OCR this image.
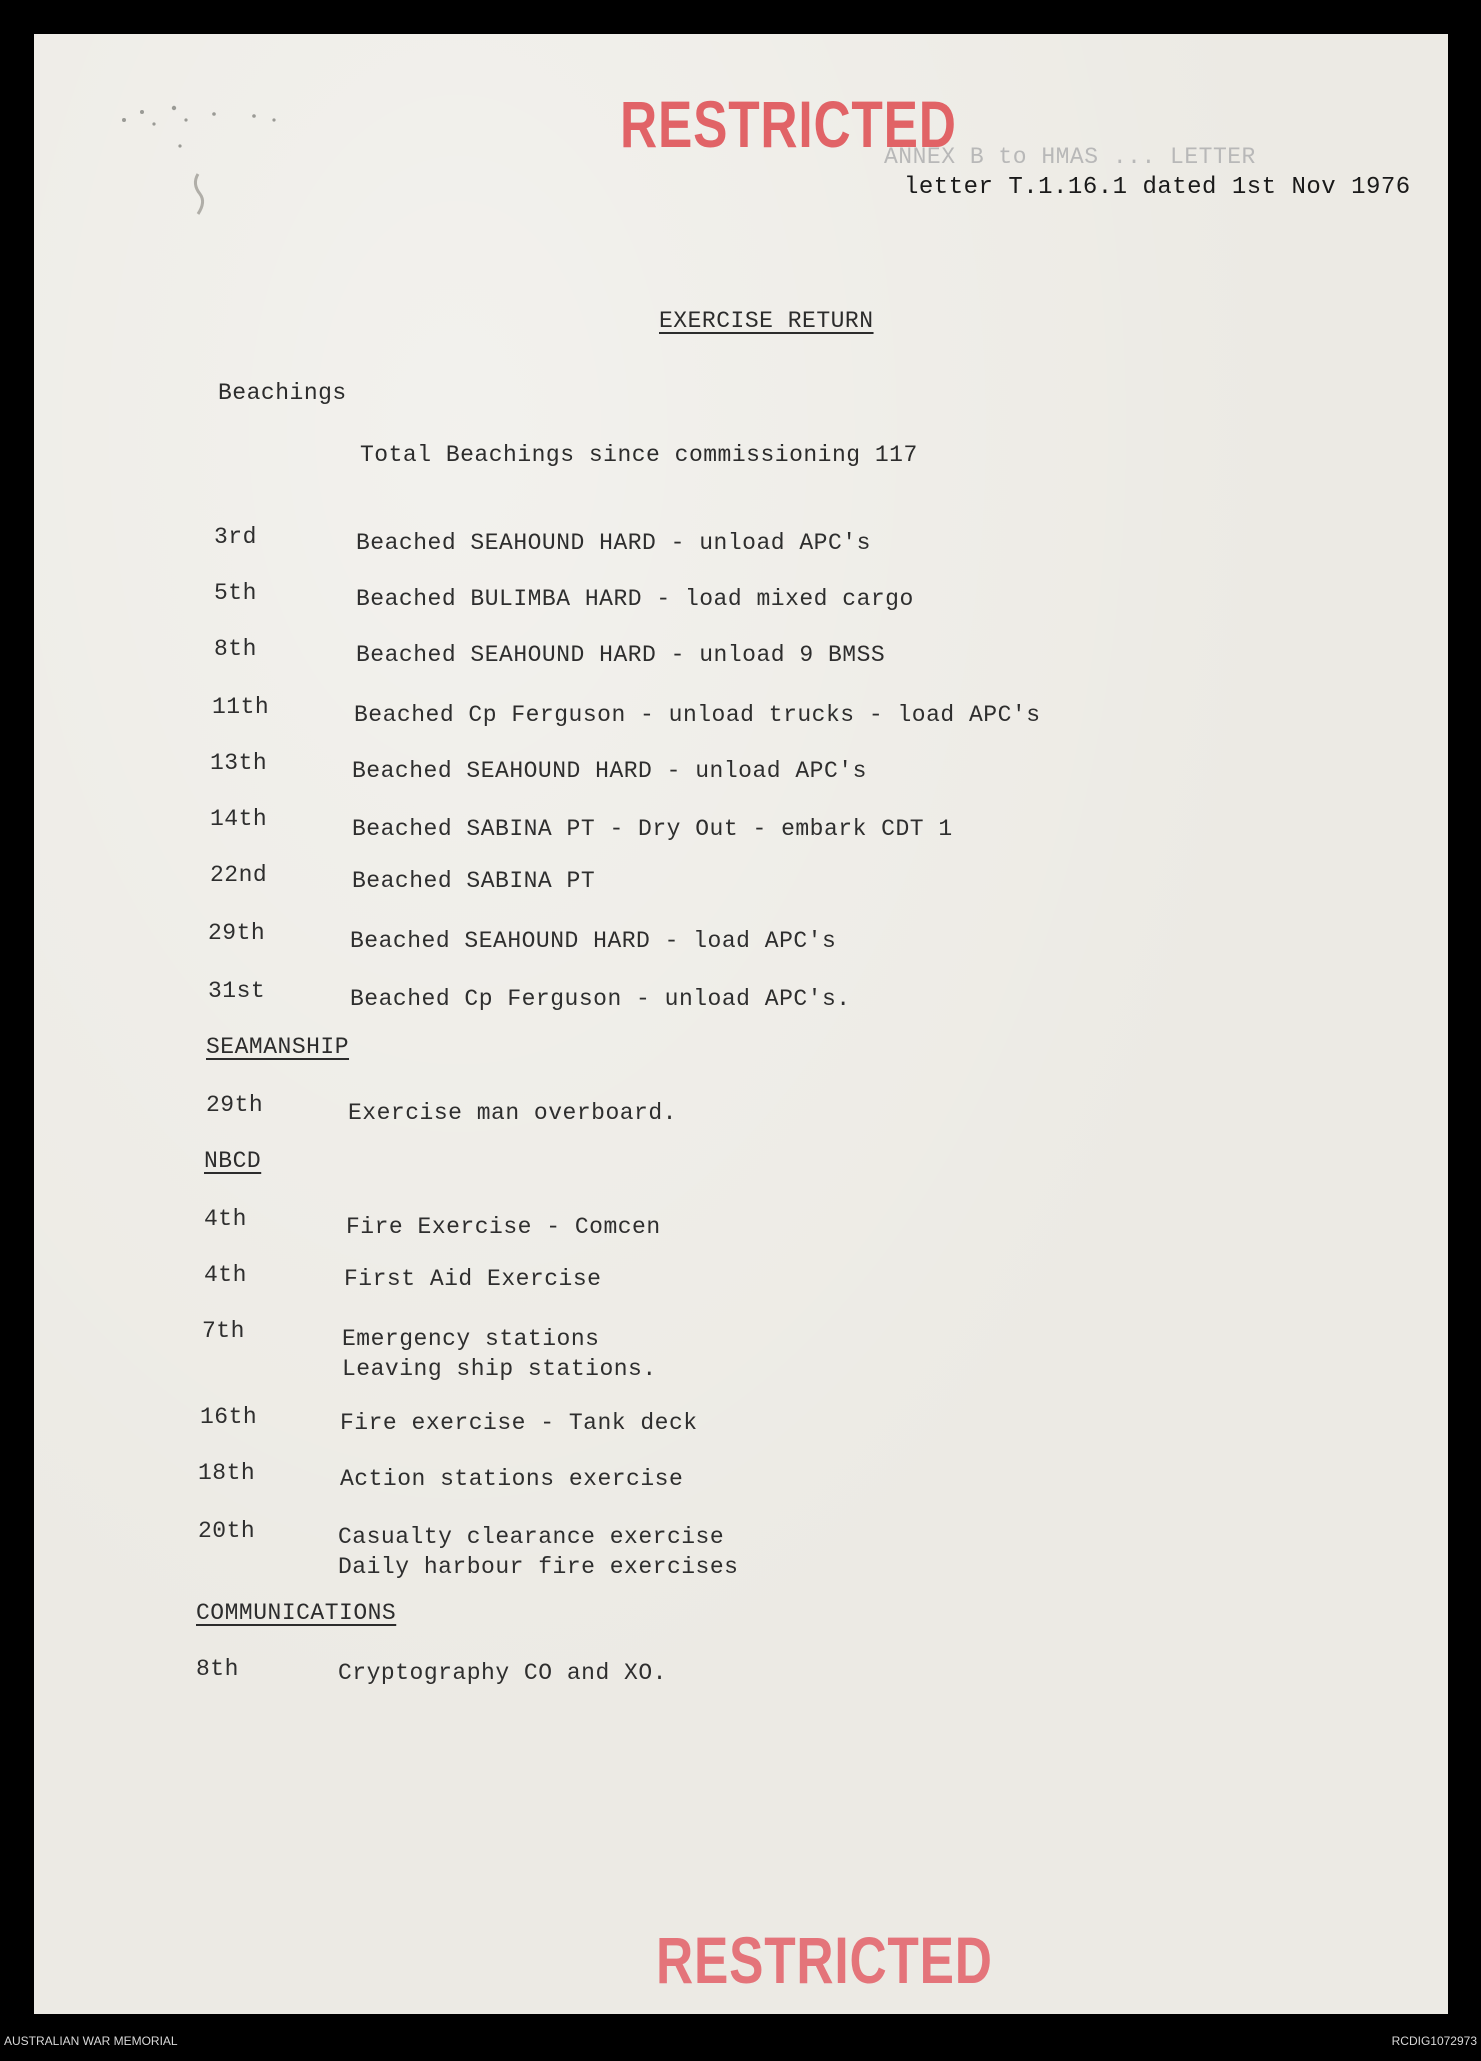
RESTRICTED
ANNEX B to HMAS ... LETTER
letter T.1.16.1 dated 1st Nov 1976
EXERCISE RETURN
Beachings
Total Beachings since commissioning 117
3rd	Beached SEAHOUND HARD - unload APC's
5th	Beached BULIMBA HARD - load mixed cargo
8th	Beached SEAHOUND HARD - unload 9 BMSS
11th	Beached Cp Ferguson - unload trucks - load APC's
13th	Beached SEAHOUND HARD - unload APC's
14th	Beached SABINA PT - Dry Out - embark CDT 1
22nd	Beached SABINA PT
29th	Beached SEAHOUND HARD - load APC's
31st	Beached Cp Ferguson - unload APC's.
SEAMANSHIP
29th	Exercise man overboard.
NBCD
4th	Fire Exercise - Comcen
4th	First Aid Exercise
7th	Emergency stations
Leaving ship stations.
16th	Fire exercise - Tank deck
18th	Action stations exercise
20th	Casualty clearance exercise
Daily harbour fire exercises
COMMUNICATIONS
8th	Cryptography CO and XO.
RESTRICTED
AUSTRALIAN WAR MEMORIAL	RCDIG1072973
